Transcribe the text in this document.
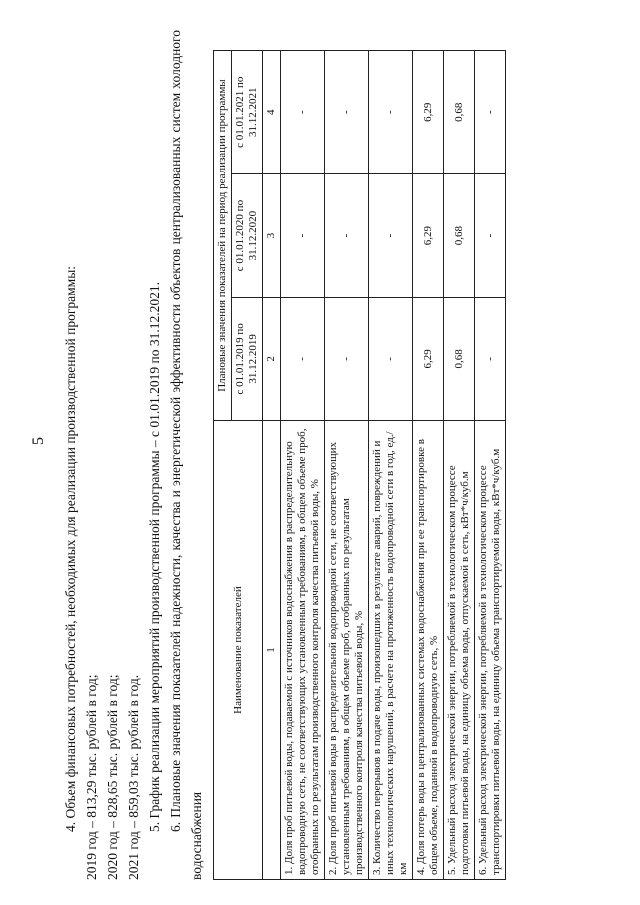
5 4. Объем финансовых потребностей, необходимых для реализации производственной программы: 2019 год – 813,29 тыс. рублей в год; 2020 год – 828,65 тыс. рублей в год; 2021 год – 859,03 тыс. рублей в год. 5. График реализации мероприятий производственной программы – с 01.01.2019 по 31.12.2021. 6. Плановые значения показателей надежности, качества и энергетической эффективности объектов централизованных систем холодного водоснабжения

Наименование показателей	Плановые значения показателей на период реализации программы		
	с 01.01.2019 по 31.12.2019	с 01.01.2020 по 31.12.2020	с 01.01.2021 по 31.12.2021
1	2	3	4
1. Доля проб питьевой воды, подаваемой с источников водоснабжения в распределительную водопроводную сеть, не соответствующих установленным требованиям, в общем объеме проб, отобранных по результатам производственного контроля качества питьевой воды, %	-	-	-
2. Доля проб питьевой воды в распределительной водопроводной сети, не соответствующих установленным требованиям, в общем объеме проб, отобранных по результатам производственного контроля качества питьевой воды, %	-	-	-
3. Количество перерывов в подаче воды, произошедших в результате аварий, повреждений и иных технологических нарушений, в расчете на протяженность водопроводной сети в год, ед./км	-	-	-
4. Доля потерь воды в централизованных системах водоснабжения при ее транспортировке в общем объеме, поданной в водопроводную сеть, %	6,29	6,29	6,29
5. Удельный расход электрической энергии, потребляемой в технологическом процессе подготовки питьевой воды, на единицу объема воды, отпускаемой в сеть, кВт*ч/куб.м	0,68	0,68	0,68
6. Удельный расход электрической энергии, потребляемой в технологическом процессе транспортировки питьевой воды, на единицу объема транспортируемой воды, кВт*ч/куб.м	-	-	-
